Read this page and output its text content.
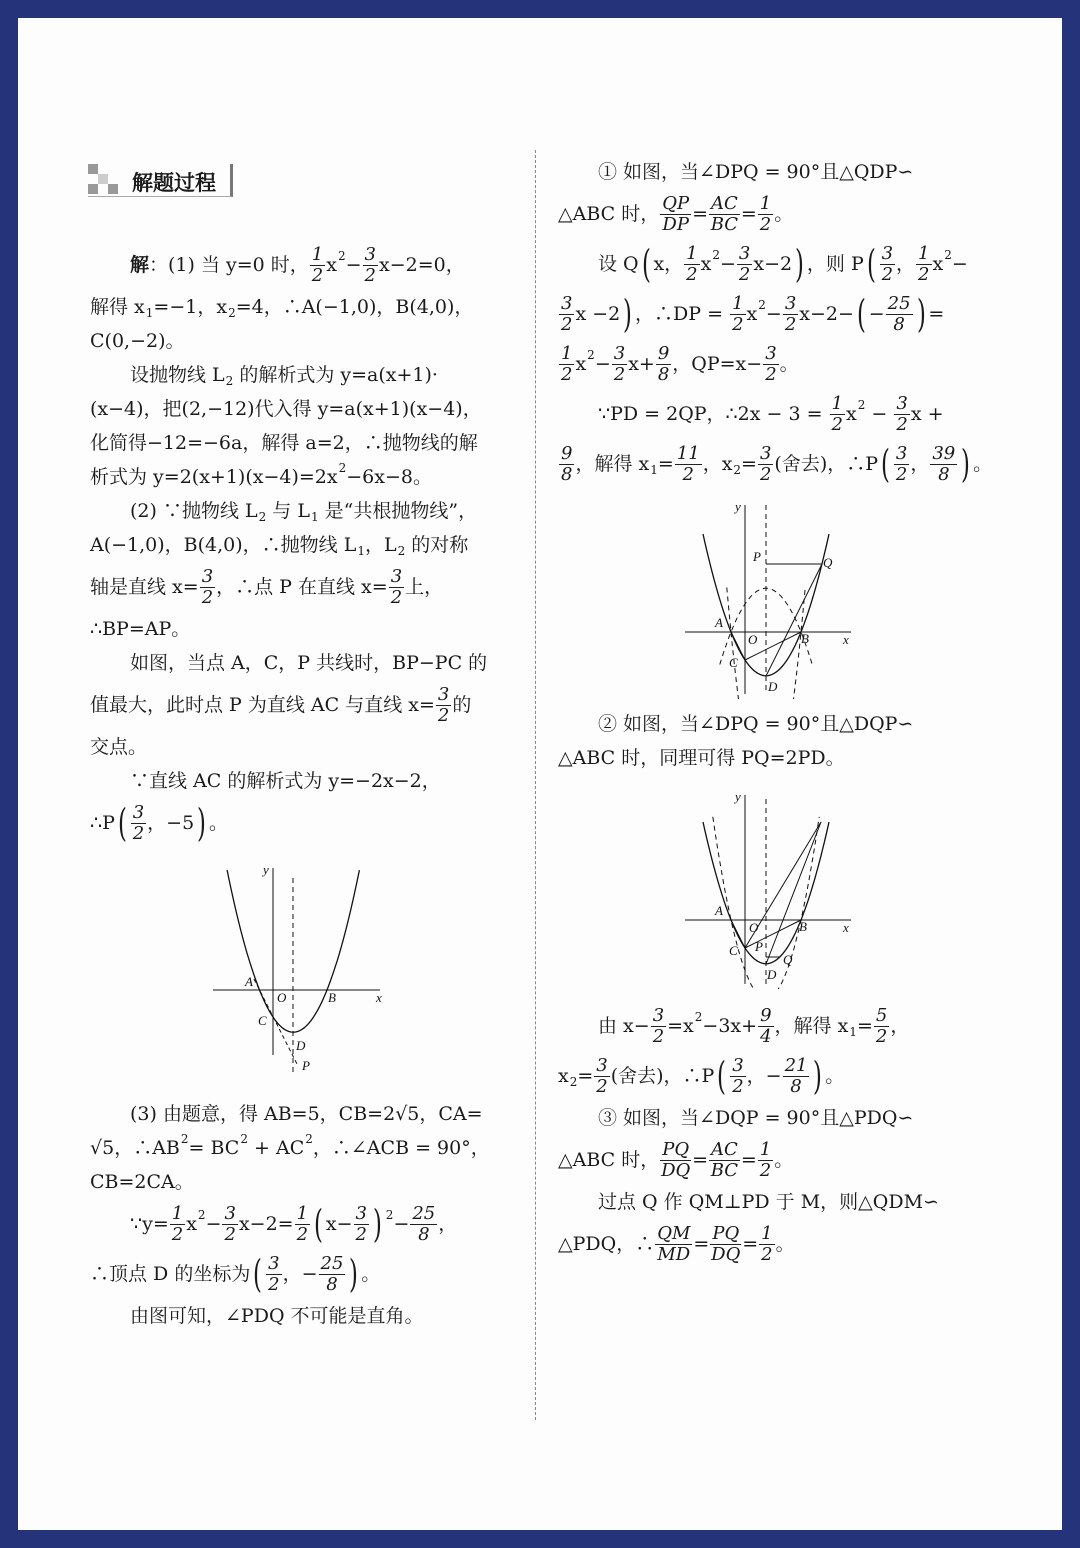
解题过程
解 ：(1) 当 y=0 时， $\frac{1}{2}$ x $2 - \frac{3}{2} x-2=0$，
解得 x 1 =−1，x 2 =4，∴A(−1,0)，B(4,0)，
C(0,−2)。
设抛物线 L 2 的解析式为 y=a(x+1)·
(x−4)，把(2,−12)代入得 y=a(x+1)(x−4)，
化简得−12=−6a，解得 a=2，∴抛物线的解
析式为 y=2(x+1)(x−4)=2x 2 −6x−8。
(2) ∵抛物线 L 2 与 L 1 是“共根抛物线”，
A(−1,0)，B(4,0)，∴抛物线 L 1 ，L 2 的对称
轴是直线 $x= \frac{3}{2}$ ，∴点 P 在直线 $x= \frac{3}{2}$ 上，
∴BP=AP。
如图，当点 A，C，P 共线时，BP−PC 的
值最大，此时点 P 为直线 AC 与直线 $x= \frac{3}{2}$ 的
交点。
∵直线 AC 的解析式为 y=−2x−2，
∴P ( $\frac{3}{2}$ ，−5 ) 。
x
y
O
A
B
C
D
P
(3) 由题意，得 AB=5，CB=2√5，CA=
√5，∴AB 2 = BC 2 + AC 2 ，∴∠ACB = 90°，
CB=2CA。
∵y= $\frac{1}{2}$ x $2 - \frac{3}{2} x-2= \frac{1}{2}$ ( $x- \frac{3}{2}$ ) $2 - \frac{25}{8}$ ，
∴顶点 D 的坐标为 ( $\frac{3}{2}$ ，− $\frac{25}{8}$ ) 。
由图可知，∠PDQ 不可能是直角。
① 如图，当∠DPQ = 90°且△QDP∽
△ABC 时， $\frac{QP}{DP} = \frac{AC}{BC} = \frac{1}{2}$ 。
设 Q ( x， $\frac{1}{2}$ x $2 - \frac{3}{2} x-2$ ) ，则 P ( $\frac{3}{2}$ ， $\frac{1}{2}$ x 2 −
$\frac{3}{2}$ x −2 ) ，∴DP = $\frac{1}{2}$ x $2 - \frac{3}{2} x-2-$ ( − $\frac{25}{8}$ ) =
$\frac{1}{2}$ x $2 - \frac{3}{2} x+ \frac{9}{8}$ ，$QP=x- \frac{3}{2}$ 。
∵PD = 2QP，∴2x − $3 = \frac{1}{2}$ x $2 - \frac{3}{2}$ x +
$\frac{9}{8}$ ，解得 x $1 = \frac{11}{2}$ ，x $2 = \frac{3}{2}$ (舍去)，∴P ( $\frac{3}{2}$ ， $\frac{39}{8}$ ) 。
x
y
O
A
B
C
D
P	Q
② 如图，当∠DPQ = 90°且△DQP∽
△ABC 时，同理可得 PQ=2PD。
x
y
O
A
B
C
D
P
Q
由 $x- \frac{3}{2} =x$ $2 -3x+ \frac{9}{4}$ ，解得 x $1 = \frac{5}{2}$ ，
x $2 = \frac{3}{2}$ (舍去)，∴P ( $\frac{3}{2}$ ，− $\frac{21}{8}$ ) 。
③ 如图，当∠DQP = 90°且△PDQ∽
△ABC 时， $\frac{PQ}{DQ} = \frac{AC}{BC} = \frac{1}{2}$ 。
过点 Q 作 QM⊥PD 于 M，则△QDM∽
△PDQ，∴ $\frac{QM}{MD} = \frac{PQ}{DQ} = \frac{1}{2}$ 。
